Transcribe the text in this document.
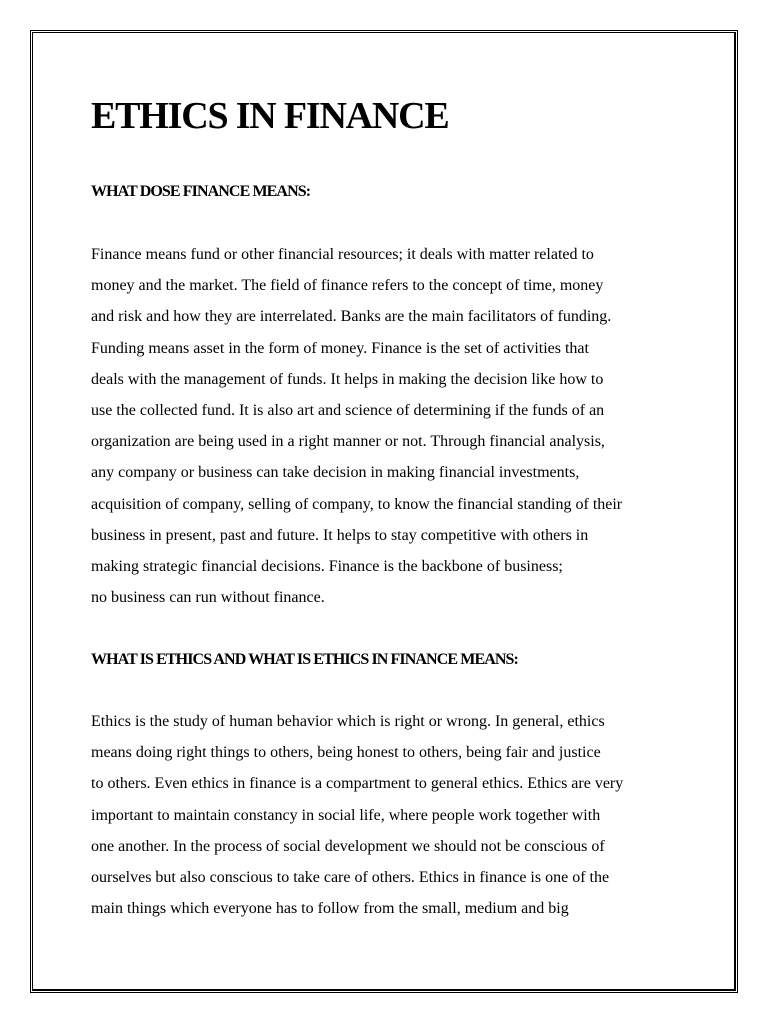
ETHICS IN FINANCE
WHAT DOSE FINANCE MEANS:
Finance means fund or other financial resources; it deals with matter related to
money and the market. The field of finance refers to the concept of time, money
and risk and how they are interrelated. Banks are the main facilitators of funding.
Funding means asset in the form of money. Finance is the set of activities that
deals with the management of funds. It helps in making the decision like how to
use the collected fund. It is also art and science of determining if the funds of an
organization are being used in a right manner or not. Through financial analysis,
any company or business can take decision in making financial investments,
acquisition of company, selling of company, to know the financial standing of their
business in present, past and future. It helps to stay competitive with others in
making strategic financial decisions. Finance is the backbone of business;
no business can run without finance.
WHAT IS ETHICS AND WHAT IS ETHICS IN FINANCE MEANS:
Ethics is the study of human behavior which is right or wrong. In general, ethics
means doing right things to others, being honest to others, being fair and justice
to others. Even ethics in finance is a compartment to general ethics. Ethics are very
important to maintain constancy in social life, where people work together with
one another. In the process of social development we should not be conscious of
ourselves but also conscious to take care of others. Ethics in finance is one of the
main things which everyone has to follow from the small, medium and big
